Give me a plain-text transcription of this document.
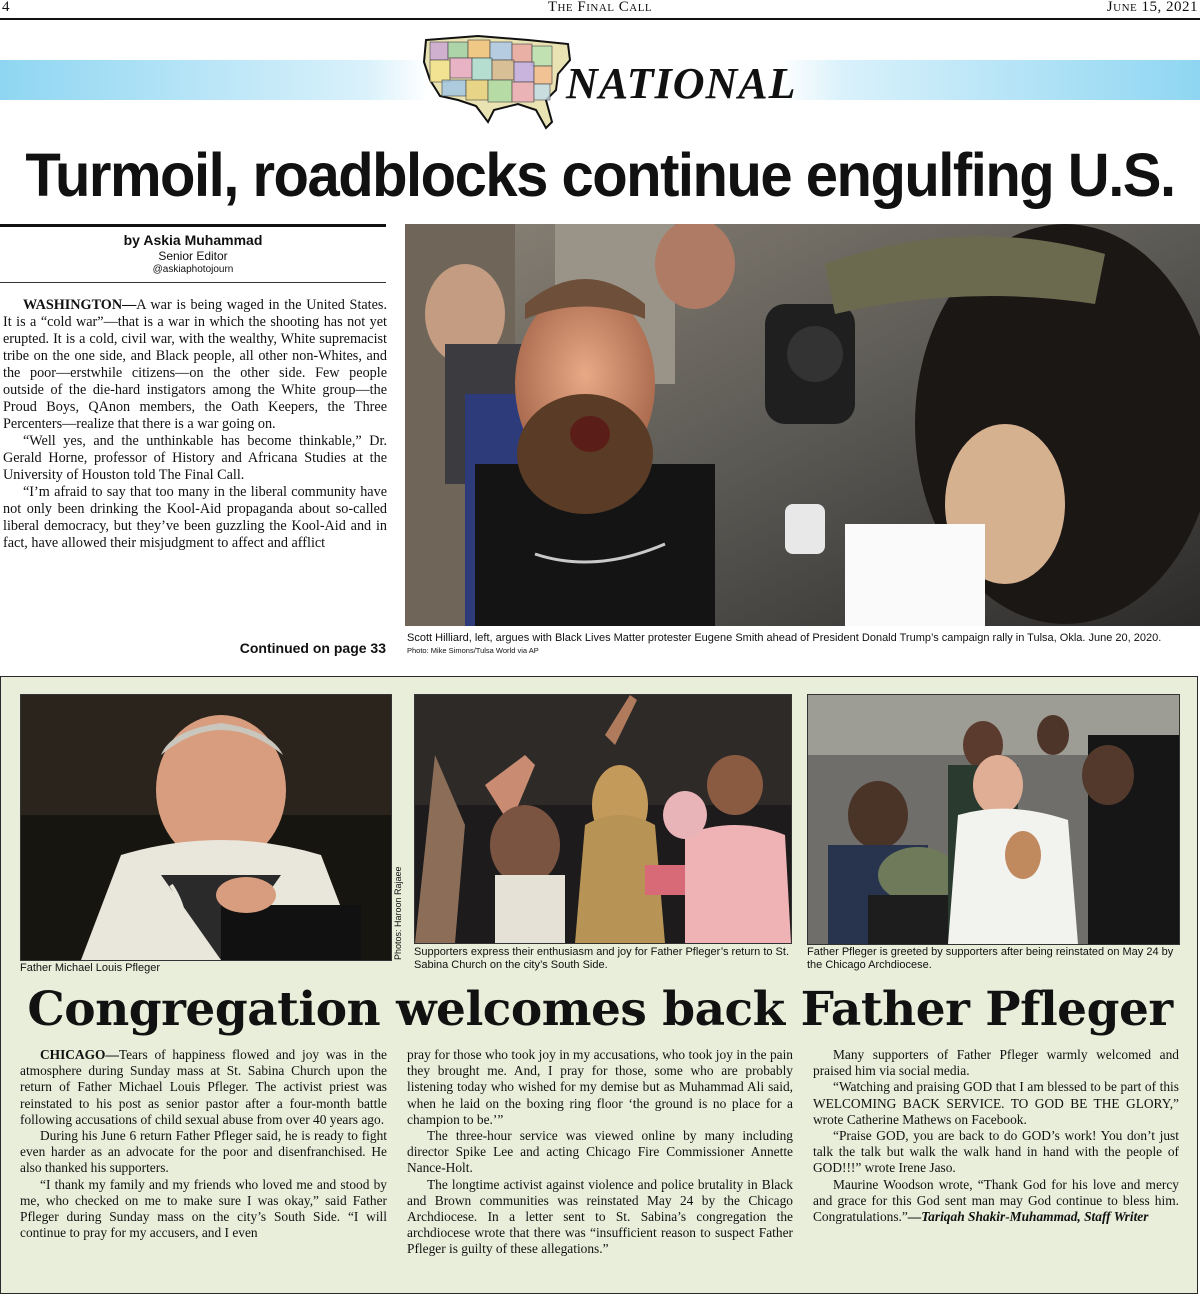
4	The Final Call	June 15, 2021
NATIONAL
Turmoil, roadblocks continue engulfing U.S.
by Askia Muhammad
Senior Editor
@askiaphotojourn

WASHINGTON—A war is being waged in the United States. It is a “cold war”—that is a war in which the shooting has not yet erupted. It is a cold, civil war, with the wealthy, White supremacist tribe on the one side, and Black people, all other non-Whites, and the poor—erstwhile citizens—on the other side. Few people outside of the die-hard instigators among the White group—the Proud Boys, QAnon members, the Oath Keepers, the Three Percenters—realize that there is a war going on.

“Well yes, and the unthinkable has become thinkable,” Dr. Gerald Horne, professor of History and Africana Studies at the University of Houston told The Final Call.

“I’m afraid to say that too many in the liberal community have not only been drinking the Kool-Aid propaganda about so-called liberal democracy, but they’ve been guzzling the Kool-Aid and in fact, have allowed their misjudgment to affect and afflict

Continued on page 33
Scott Hilliard, left, argues with Black Lives Matter protester Eugene Smith ahead of President Donald Trump’s campaign rally in Tulsa, Okla. June 20, 2020.
Photo: Mike Simons/Tulsa World via AP
Father Michael Louis Pfleger
Photos: Haroon Rajaee Supporters express their enthusiasm and joy for Father Pfleger’s return to St. Sabina Church on the city’s South Side.
Father Pfleger is greeted by supporters after being reinstated on May 24 by the Chicago Archdiocese.
Congregation welcomes back Father Pfleger

CHICAGO—Tears of happiness flowed and joy was in the atmosphere during Sunday mass at St. Sabina Church upon the return of Father Michael Louis Pfleger. The activist priest was reinstated to his post as senior pastor after a four-month battle following accusations of child sexual abuse from over 40 years ago.

During his June 6 return Father Pfleger said, he is ready to fight even harder as an advocate for the poor and disenfranchised. He also thanked his supporters.

“I thank my family and my friends who loved me and stood by me, who checked on me to make sure I was okay,” said Father Pfleger during Sunday mass on the city’s South Side. “I will continue to pray for my accusers, and I even

pray for those who took joy in my accusations, who took joy in the pain they brought me. And, I pray for those, some who are probably listening today who wished for my demise but as Muhammad Ali said, when he laid on the boxing ring floor ‘the ground is no place for a champion to be.’”

The three-hour service was viewed online by many including director Spike Lee and acting Chicago Fire Commissioner Annette Nance-Holt.

The longtime activist against violence and police brutality in Black and Brown communities was reinstated May 24 by the Chicago Archdiocese. In a letter sent to St. Sabina’s congregation the archdiocese wrote that there was “insufficient reason to suspect Father Pfleger is guilty of these allegations.”

Many supporters of Father Pfleger warmly welcomed and praised him via social media.

“Watching and praising GOD that I am blessed to be part of this WELCOMING BACK SERVICE. TO GOD BE THE GLORY,” wrote Catherine Mathews on Facebook.

“Praise GOD, you are back to do GOD’s work! You don’t just talk the talk but walk the walk hand in hand with the people of GOD!!!” wrote Irene Jaso.

Maurine Woodson wrote, “Thank God for his love and mercy and grace for this God sent man may God continue to bless him. Congratulations.”—Tariqah Shakir-Muhammad, Staff Writer
